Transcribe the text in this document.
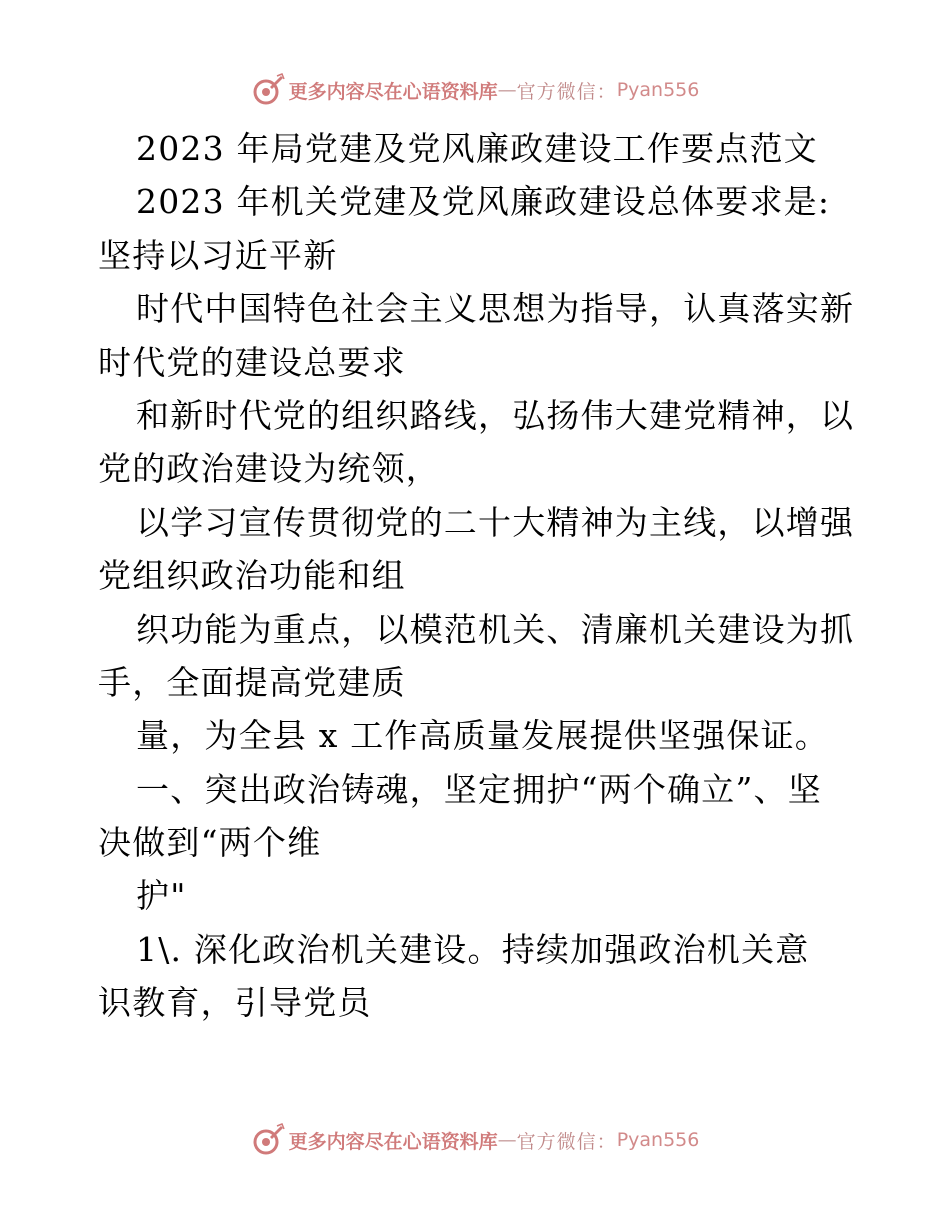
更多内容尽在心语资料库 — 官方微信： Pyan556
2023 年局党建及党风廉政建设工作要点范文
2023 年机关党建及党风廉政建设总体要求是:
坚持以习近平新
时代中国特色社会主义思想为指导，认真落实新
时代党的建设总要求
和新时代党的组织路线，弘扬伟大建党精神，以
党的政治建设为统领，
以学习宣传贯彻党的二十大精神为主线，以增强
党组织政治功能和组
织功能为重点，以模范机关、清廉机关建设为抓
手，全面提高党建质
量，为全县 x 工作高质量发展提供坚强保证。
一、突出政治铸魂，坚定拥护“两个确立”、坚
决做到“两个维
护"
1\. 深化政治机关建设。持续加强政治机关意
识教育，引导党员
更多内容尽在心语资料库 — 官方微信： Pyan556
